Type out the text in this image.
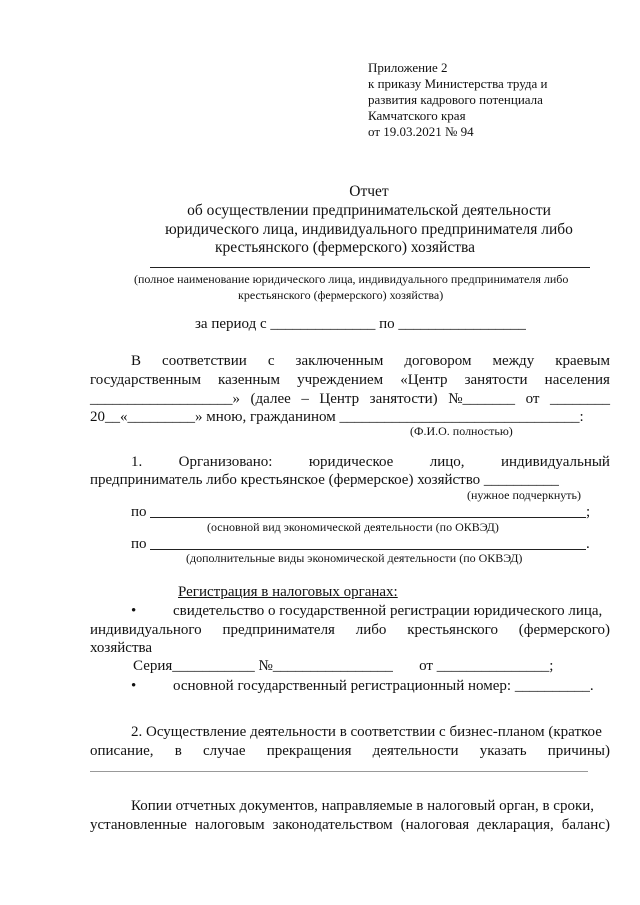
Приложение 2
к приказу Министерства труда и
развития кадрового потенциала
Камчатского края
от 19.03.2021 № 94
Отчет
об осуществлении предпринимательской деятельности
юридического лица, индивидуального предпринимателя либо
крестьянского (фермерского) хозяйства
(полное наименование юридического лица, индивидуального предпринимателя либо
крестьянского (фермерского) хозяйства)
за период с ______________ по _________________
В соответствии с заключенным договором между краевым
государственным казенным учреждением «Центр занятости населения
___________________» (далее – Центр занятости) №_______ от ________
20__«_________» мною, гражданином ________________________________:
(Ф.И.О. полностью)
1. Организовано: юридическое лицо, индивидуальный
предприниматель либо крестьянское (фермерское) хозяйство __________
(нужное подчеркнуть)
по	;
(основной вид экономической деятельности (по ОКВЭД)
по	.
(дополнительные виды экономической деятельности (по ОКВЭД)
Регистрация в налоговых органах:
• свидетельство о государственной регистрации юридического лица,
индивидуального предпринимателя либо крестьянского (фермерского)
хозяйства
Серия___________ №________________       от _______________;
• основной государственный регистрационный номер: __________.
2. Осуществление деятельности в соответствии с бизнес-планом (краткое
описание, в случае прекращения деятельности указать причины)
Копии отчетных документов, направляемые в налоговый орган, в сроки,
установленные налоговым законодательством (налоговая декларация, баланс)
